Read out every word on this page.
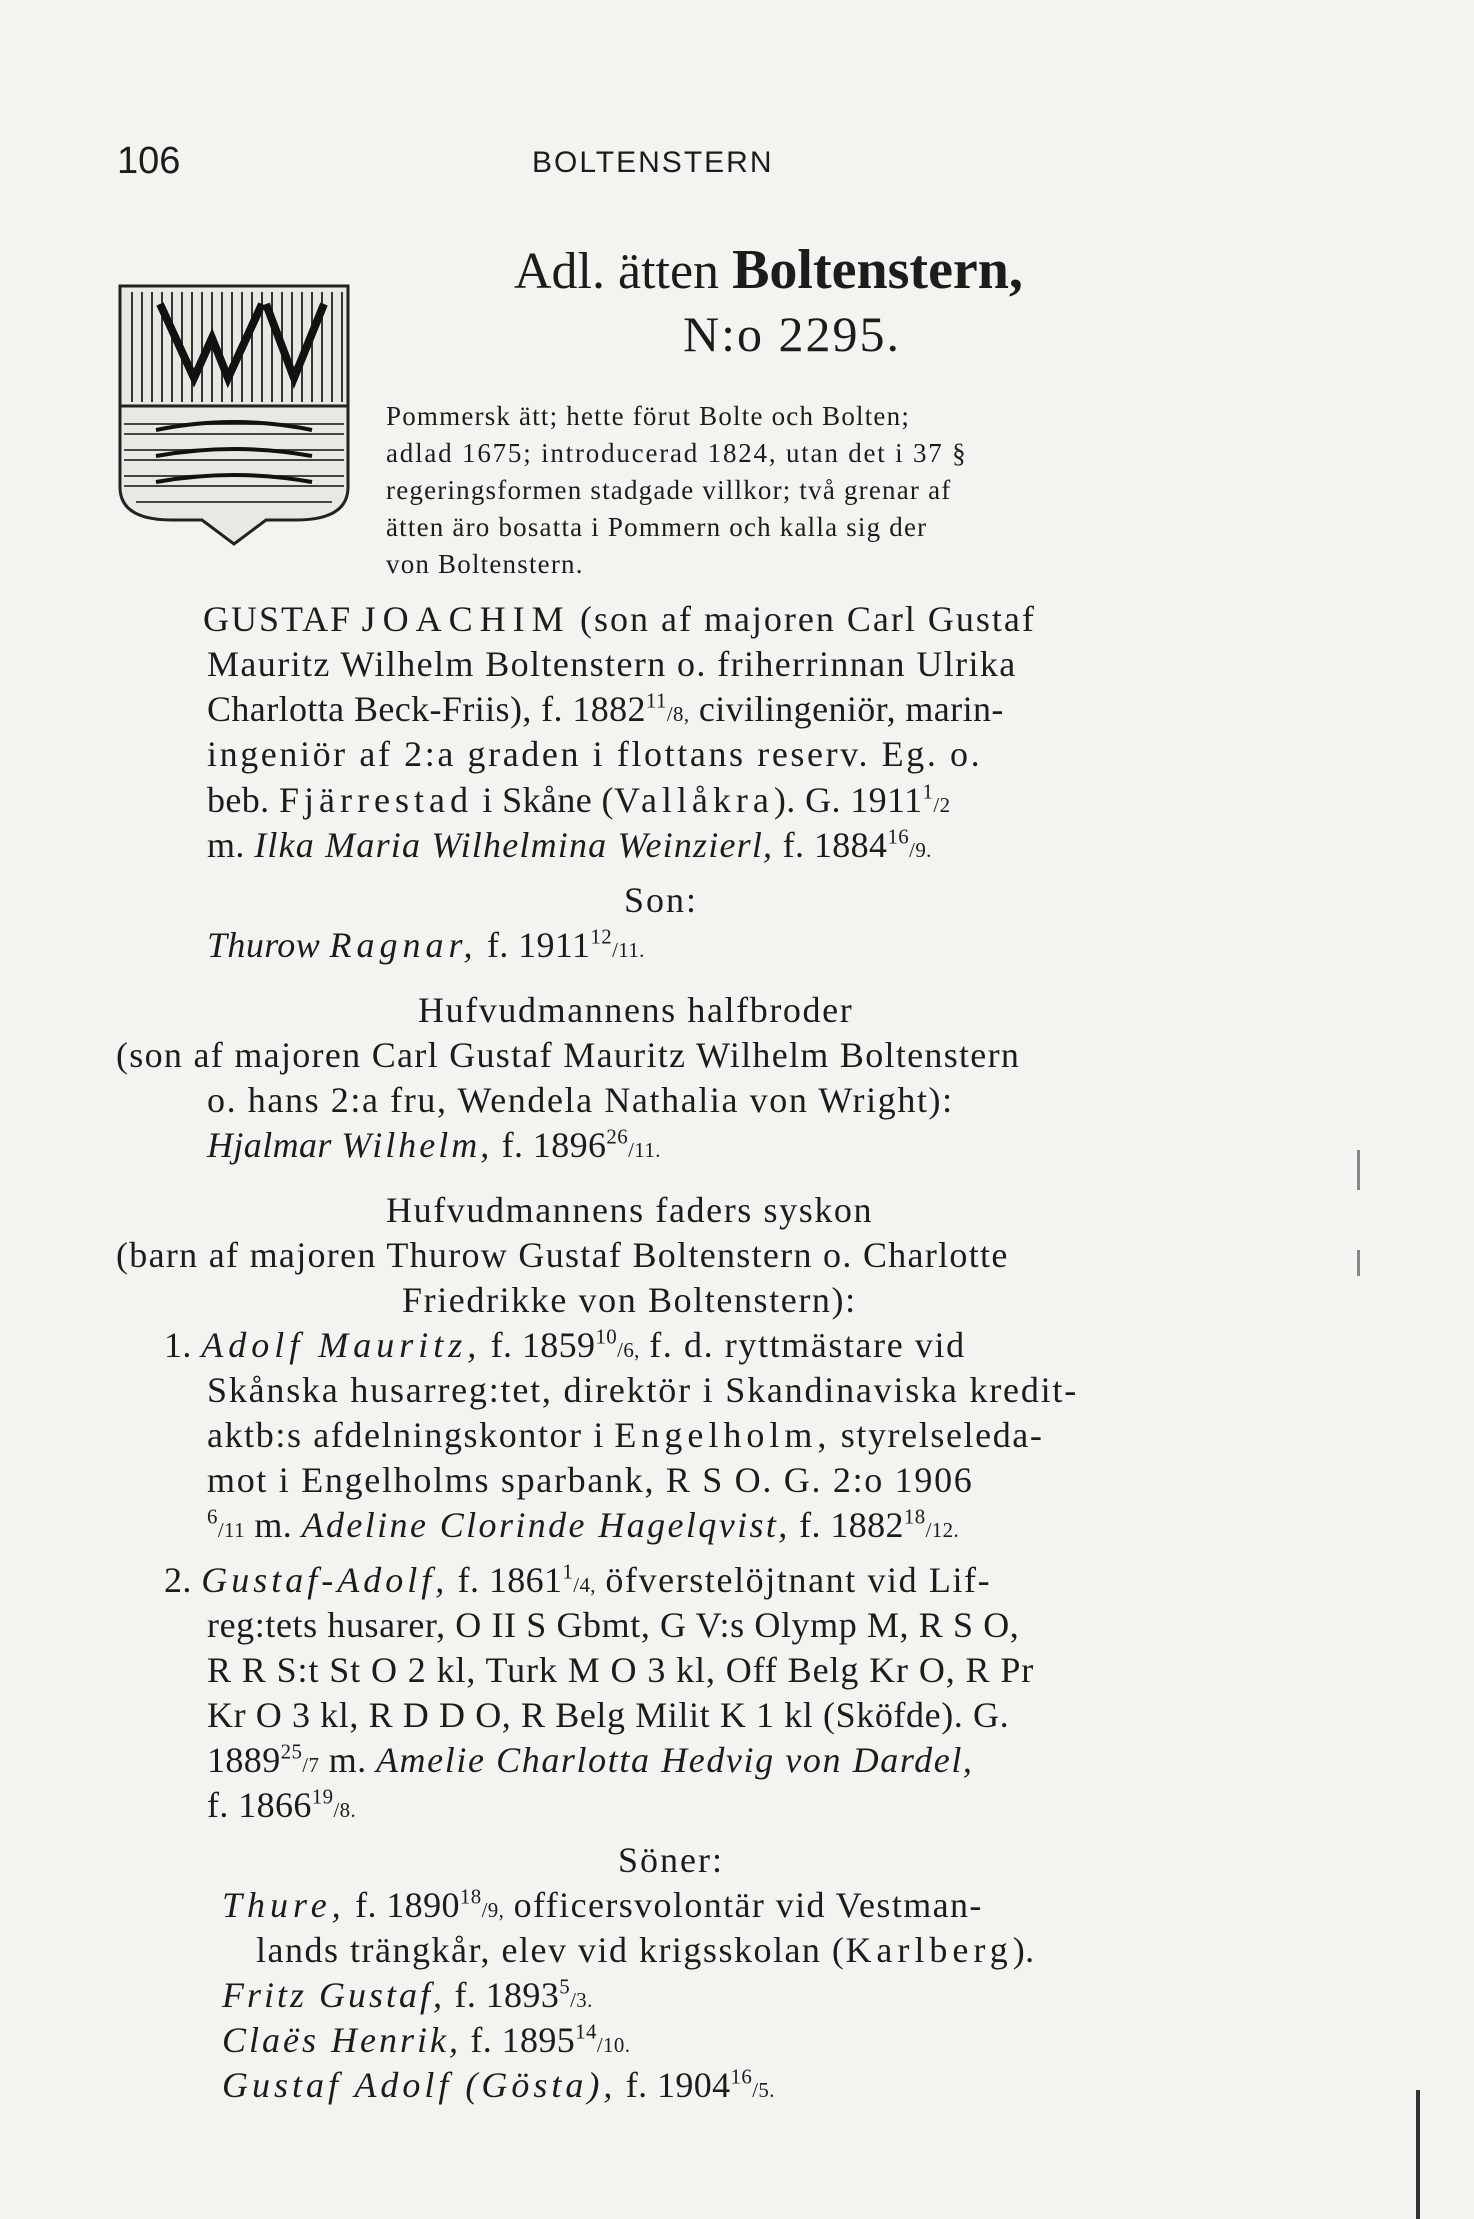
106	BOLTENSTERN
Adl. ätten Boltenstern,
N:o 2295.
Pommersk ätt; hette förut Bolte och Bolten;
adlad 1675; introducerad 1824, utan det i 37 §
regeringsformen stadgade villkor; två grenar af
ätten äro bosatta i Pommern och kalla sig der
von Boltenstern.
GUSTAF JOACHIM (son af majoren Carl Gustaf
Mauritz Wilhelm Boltenstern o. friherrinnan Ulrika
Charlotta Beck-Friis), f. 1882$^{11}$/8, civilingeniör, marin-
ingeniör af 2:a graden i flottans reserv. Eg. o.
beb. Fjärrestad i Skåne (Vallåkra). G. 1911$^1$/2
m. Ilka Maria Wilhelmina Weinzierl, f. 1884$^{16}$/9.
Son:
Thurow Ragnar, f. 1911$^{12}$/11.
Hufvudmannens halfbroder
(son af majoren Carl Gustaf Mauritz Wilhelm Boltenstern
o. hans 2:a fru, Wendela Nathalia von Wright):
Hjalmar Wilhelm, f. 1896$^{26}$/11.
Hufvudmannens faders syskon
(barn af majoren Thurow Gustaf Boltenstern o. Charlotte
Friedrikke von Boltenstern):
1. Adolf Mauritz, f. 1859$^{10}$/6, f. d. ryttmästare vid
Skånska husarreg:tet, direktör i Skandinaviska kredit-
aktb:s afdelningskontor i Engelholm, styrelseleda-
mot i Engelholms sparbank, R S O. G. 2:o 1906
$^6$/11 m. Adeline Clorinde Hagelqvist, f. 1882$^{18}$/12.
2. Gustaf-Adolf, f. 1861$^1$/4, öfverstelöjtnant vid Lif-
reg:tets husarer, O II S Gbmt, G V:s Olymp M, R S O,
R R S:t St O 2 kl, Turk M O 3 kl, Off Belg Kr O, R Pr
Kr O 3 kl, R D D O, R Belg Milit K 1 kl (Sköfde). G.
1889$^{25}$/7 m. Amelie Charlotta Hedvig von Dardel,
f. 1866$^{19}$/8.
Söner:
Thure, f. 1890$^{18}$/9, officersvolontär vid Vestman-
lands trängkår, elev vid krigsskolan (Karlberg).
Fritz Gustaf, f. 1893$^5$/3.
Claës Henrik, f. 1895$^{14}$/10.
Gustaf Adolf (Gösta), f. 1904$^{16}$/5.
